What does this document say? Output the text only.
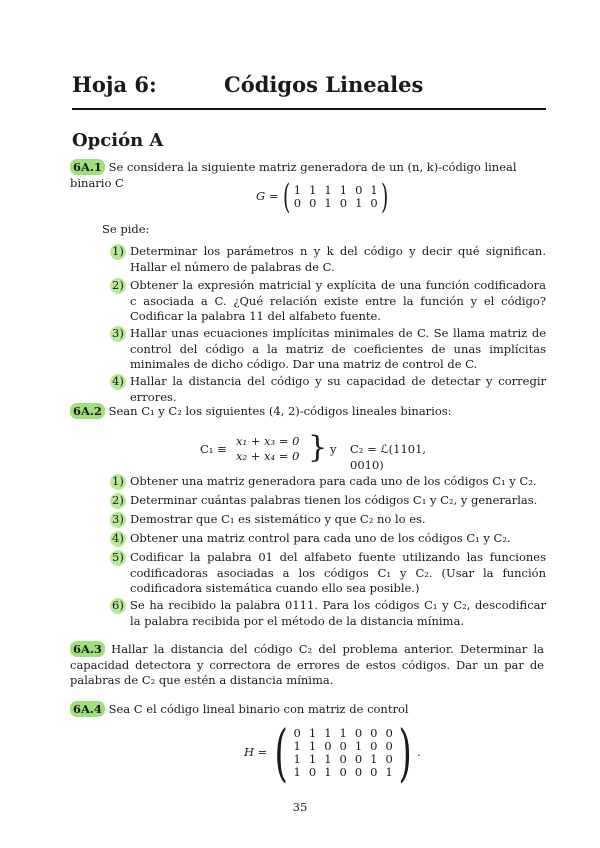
Hoja 6:	Códigos Lineales
Opción A
6A.1 Se considera la siguiente matriz generadora de un (n, k)-código lineal binario C
G = ( 1 1 1 1 0 1
0 0 1 0 1 0 )
Se pide:
1) Determinar los parámetros n y k del código y decir qué significan. Hallar el número de palabras de C.
2) Obtener la expresión matricial y explícita de una función codificadora c asociada a C. ¿Qué relación existe entre la función y el código? Codificar la palabra 11 del alfabeto fuente.
3) Hallar unas ecuaciones implícitas minimales de C. Se llama matriz de control del código a la matriz de coeficientes de unas implícitas minimales de dicho código. Dar una matriz de control de C.
4) Hallar la distancia del código y su capacidad de detectar y corregir errores.
6A.2 Sean C₁ y C₂ los siguientes (4, 2)-códigos lineales binarios:
C₁ ≡
x₁ + x₃ = 0
x₂ + x₄ = 0 } y C₂ = ℒ(1101, 0010)
1) Obtener una matriz generadora para cada uno de los códigos C₁ y C₂.
2) Determinar cuántas palabras tienen los códigos C₁ y C₂, y generarlas.
3) Demostrar que C₁ es sistemático y que C₂ no lo es.
4) Obtener una matriz control para cada uno de los códigos C₁ y C₂.
5) Codificar la palabra 01 del alfabeto fuente utilizando las funciones codificadoras asociadas a los códigos C₁ y C₂. (Usar la función codificadora sistemática cuando ello sea posible.)
6) Se ha recibido la palabra 0111. Para los códigos C₁ y C₂, descodificar la palabra recibida por el método de la distancia mínima.
6A.3 Hallar la distancia del código C₂ del problema anterior. Determinar la capacidad detectora y correctora de errores de estos códigos. Dar un par de palabras de C₂ que estén a distancia mínima.
6A.4 Sea C el código lineal binario con matriz de control
H = ( 0 1 1 1 0 0 0
1 1 0 0 1 0 0
1 1 1 0 0 1 0
1 0 1 0 0 0 1 ) .
35
